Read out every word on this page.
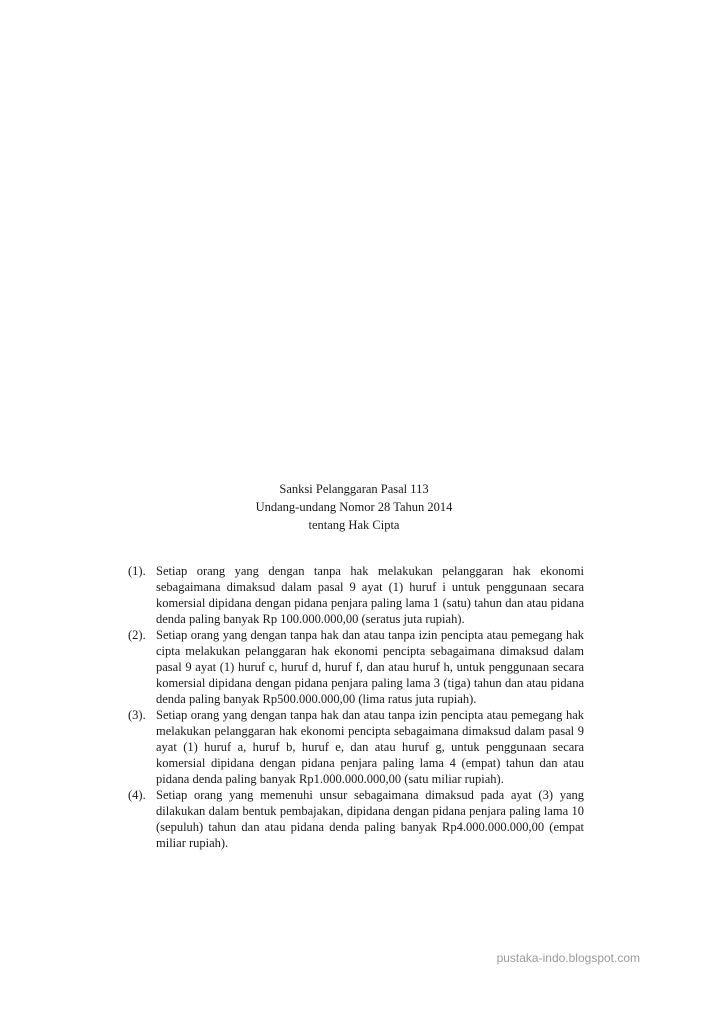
Sanksi Pelanggaran Pasal 113
Undang-undang Nomor 28 Tahun 2014
tentang Hak Cipta
(1). Setiap orang yang dengan tanpa hak melakukan pelanggaran hak ekonomi sebagaimana dimaksud dalam pasal 9 ayat (1) huruf i untuk penggunaan secara komersial dipidana dengan pidana penjara paling lama 1 (satu) tahun dan atau pidana denda paling banyak Rp 100.000.000,00 (seratus juta rupiah).
(2). Setiap orang yang dengan tanpa hak dan atau tanpa izin pencipta atau pemegang hak cipta melakukan pelanggaran hak ekonomi pencipta sebagaimana dimaksud dalam pasal 9 ayat (1) huruf c, huruf d, huruf f, dan atau huruf h, untuk penggunaan secara komersial dipidana dengan pidana penjara paling lama 3 (tiga) tahun dan atau pidana denda paling banyak Rp500.000.000,00 (lima ratus juta rupiah).
(3). Setiap orang yang dengan tanpa hak dan atau tanpa izin pencipta atau pemegang hak melakukan pelanggaran hak ekonomi pencipta sebagaimana dimaksud dalam pasal 9 ayat (1) huruf a, huruf b, huruf e, dan atau huruf g, untuk penggunaan secara komersial dipidana dengan pidana penjara paling lama 4 (empat) tahun dan atau pidana denda paling banyak Rp1.000.000.000,00 (satu miliar rupiah).
(4). Setiap orang yang memenuhi unsur sebagaimana dimaksud pada ayat (3) yang dilakukan dalam bentuk pembajakan, dipidana dengan pidana penjara paling lama 10 (sepuluh) tahun dan atau pidana denda paling banyak Rp4.000.000.000,00 (empat miliar rupiah).
pustaka-indo.blogspot.com
